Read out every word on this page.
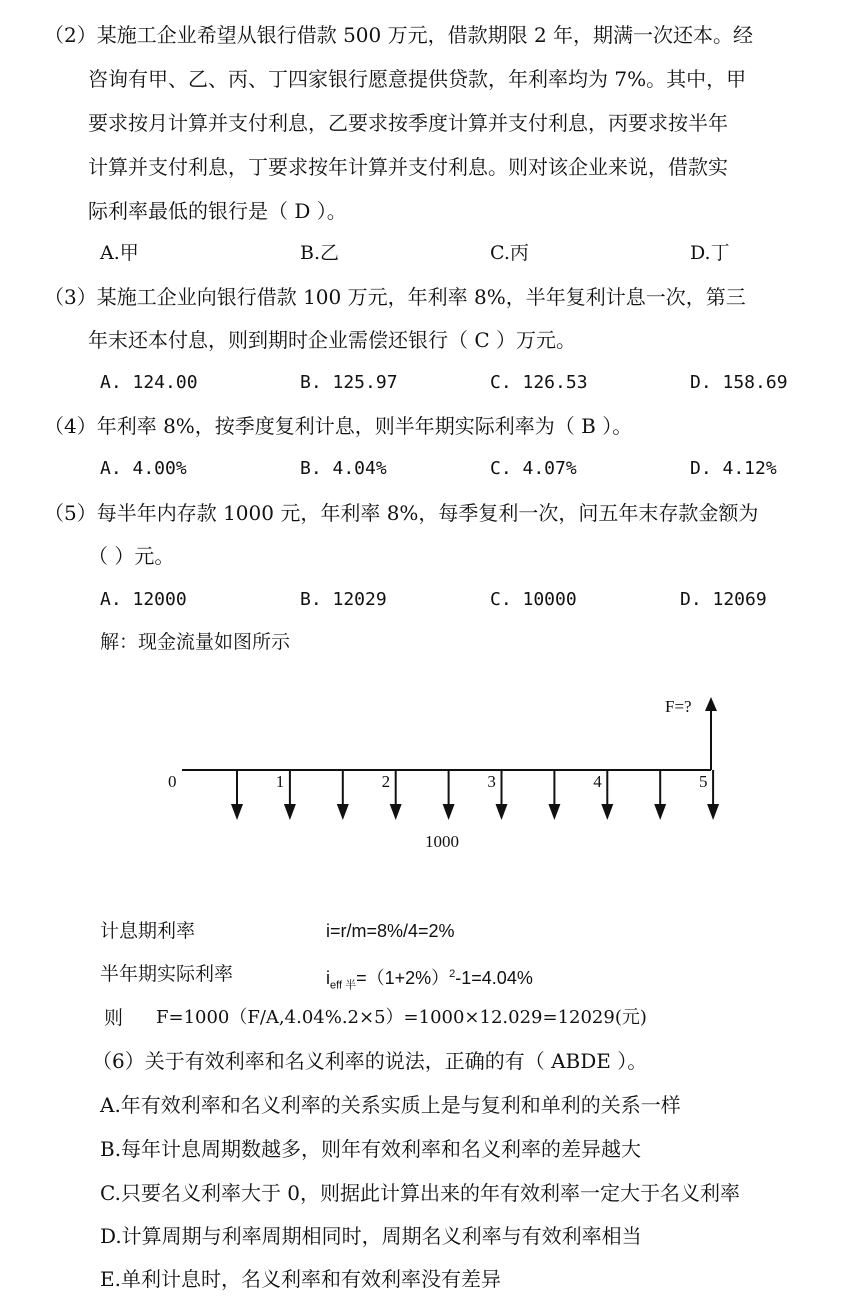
（2）某施工企业希望从银行借款 500 万元，借款期限 2 年，期满一次还本。经
咨询有甲、乙、丙、丁四家银行愿意提供贷款，年利率均为 7%。其中，甲
要求按月计算并支付利息，乙要求按季度计算并支付利息，丙要求按半年
计算并支付利息，丁要求按年计算并支付利息。则对该企业来说，借款实
际利率最低的银行是（ D ）。
A.甲	B.乙	C.丙	D.丁
（3）某施工企业向银行借款 100 万元，年利率 8%，半年复利计息一次，第三
年末还本付息，则到期时企业需偿还银行（ C ）万元。
A. 124.00	B. 125.97	C. 126.53	D. 158.69
（4）年利率 8%，按季度复利计息，则半年期实际利率为（ B ）。
A. 4.00%	B. 4.04%	C. 4.07%	D. 4.12%
（5）每半年内存款 1000 元，年利率 8%，每季复利一次，问五年末存款金额为
（ ）元。
A. 12000	B. 12029	C. 10000	D. 12069
解：现金流量如图所示
F=?
0	1	2	3	4	5
1000
计息期利率	i=r/m=8%/4=2%
半年期实际利率	$i_{eff 半}=(1+2\%)^2-1=4.04\%$
则 F=1000（F/A,4.04%.2×5）=1000×12.029=12029(元)
（6）关于有效利率和名义利率的说法，正确的有（ ABDE ）。
A.年有效利率和名义利率的关系实质上是与复利和单利的关系一样
B.每年计息周期数越多，则年有效利率和名义利率的差异越大
C.只要名义利率大于 0，则据此计算出来的年有效利率一定大于名义利率
D.计算周期与利率周期相同时，周期名义利率与有效利率相当
E.单利计息时，名义利率和有效利率没有差异
